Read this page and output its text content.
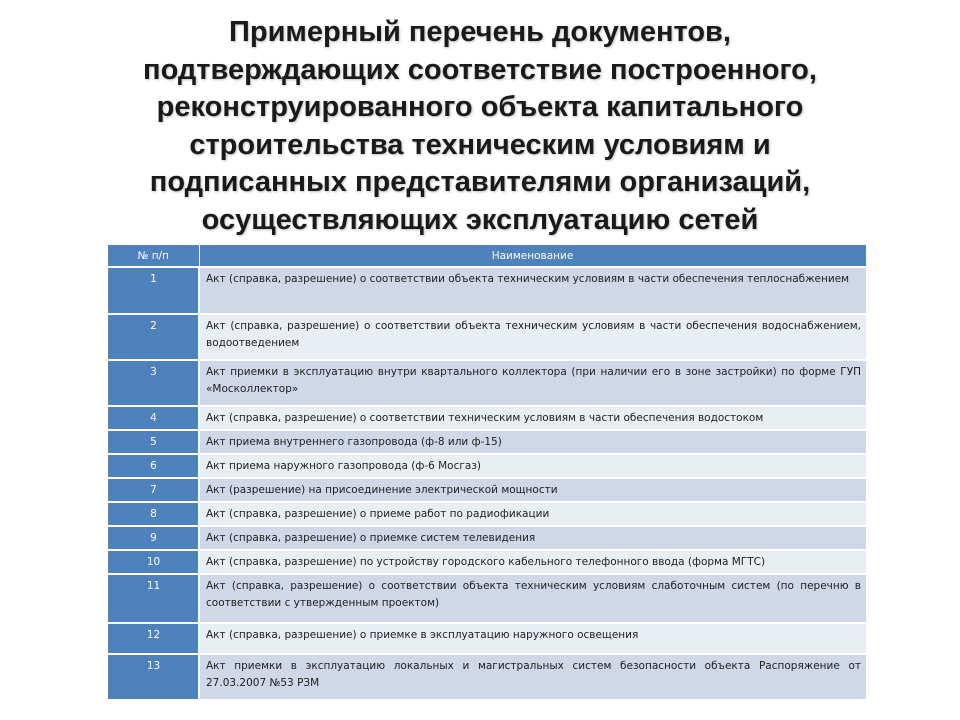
Примерный перечень документов,
подтверждающих соответствие построенного,
реконструированного объекта капитального
строительства техническим условиям и
подписанных представителями организаций,
осуществляющих эксплуатацию сетей
№ п/п	Наименование
1	Акт (справка, разрешение) о соответствии объекта техническим условиям в части обеспечения теплоснабжением
2	Акт (справка, разрешение) о соответствии объекта техническим условиям в части обеспечения водоснабжением, водоотведением
3	Акт приемки в эксплуатацию внутри квартального коллектора (при наличии его в зоне застройки) по форме ГУП «Москоллектор»
4	Акт (справка, разрешение) о соответствии техническим условиям в части обеспечения водостоком
5	Акт приема внутреннего газопровода (ф-8 или ф-15)
6	Акт приема наружного газопровода (ф-6 Мосгаз)
7	Акт (разрешение) на присоединение электрической мощности
8	Акт (справка, разрешение) о приеме работ по радиофикации
9	Акт (справка, разрешение) о приемке систем телевидения
10	Акт (справка, разрешение) по устройству городского кабельного телефонного ввода (форма МГТС)
11	Акт (справка, разрешение) о соответствии объекта техническим условиям слаботочным систем (по перечню в соответствии с утвержденным проектом)
12	Акт (справка, разрешение) о приемке в эксплуатацию наружного освещения
13	Акт приемки в эксплуатацию локальных и магистральных систем безопасности объекта Распоряжение от 27.03.2007 №53 РЗМ
